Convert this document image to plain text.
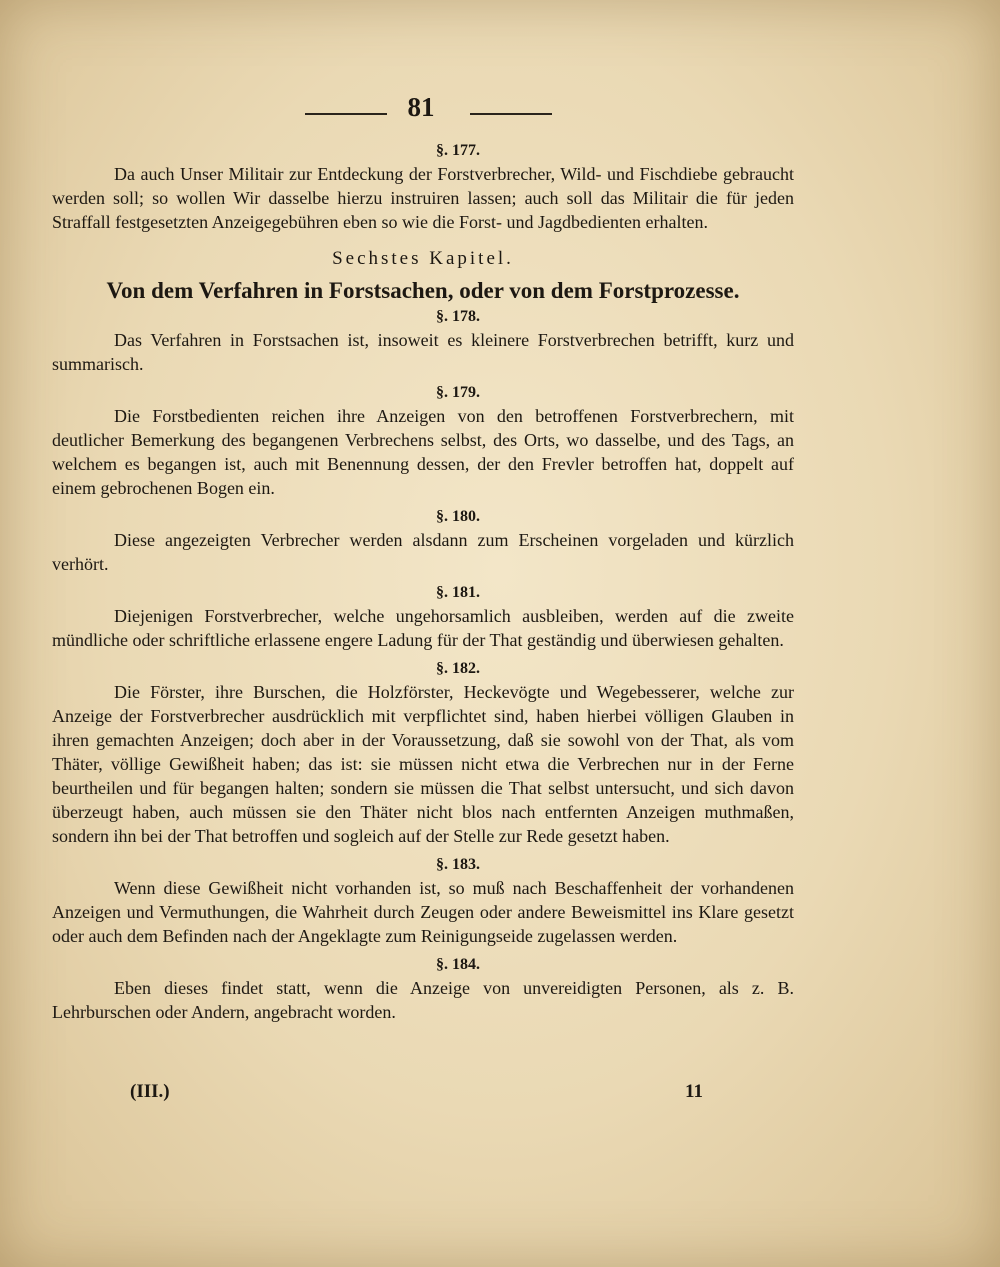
81
§. 177.

Da auch Unser Militair zur Entdeckung der Forstverbrecher, Wild- und Fischdiebe gebraucht werden soll; so wollen Wir dasselbe hierzu instruiren lassen; auch soll das Militair die für jeden Straffall festgesetzten Anzeigegebühren eben so wie die Forst- und Jagdbedienten erhalten.

Sechstes Kapitel.
Von dem Verfahren in Forstsachen, oder von dem Forstprozesse.
§. 178.

Das Verfahren in Forstsachen ist, insoweit es kleinere Forstverbrechen betrifft, kurz und summarisch.

§. 179.

Die Forstbedienten reichen ihre Anzeigen von den betroffenen Forstverbrechern, mit deutlicher Bemerkung des begangenen Verbrechens selbst, des Orts, wo dasselbe, und des Tags, an welchem es begangen ist, auch mit Benennung dessen, der den Frevler betroffen hat, doppelt auf einem gebrochenen Bogen ein.

§. 180.

Diese angezeigten Verbrecher werden alsdann zum Erscheinen vorgeladen und kürzlich verhört.

§. 181.

Diejenigen Forstverbrecher, welche ungehorsamlich ausbleiben, werden auf die zweite mündliche oder schriftliche erlassene engere Ladung für der That geständig und überwiesen gehalten.

§. 182.

Die Förster, ihre Burschen, die Holzförster, Heckevögte und Wegebesserer, welche zur Anzeige der Forstverbrecher ausdrücklich mit verpflichtet sind, haben hierbei völligen Glauben in ihren gemachten Anzeigen; doch aber in der Voraussetzung, daß sie sowohl von der That, als vom Thäter, völlige Gewißheit haben; das ist: sie müssen nicht etwa die Verbrechen nur in der Ferne beurtheilen und für begangen halten; sondern sie müssen die That selbst untersucht, und sich davon überzeugt haben, auch müssen sie den Thäter nicht blos nach entfernten Anzeigen muthmaßen, sondern ihn bei der That betroffen und sogleich auf der Stelle zur Rede gesetzt haben.

§. 183.

Wenn diese Gewißheit nicht vorhanden ist, so muß nach Beschaffenheit der vorhandenen Anzeigen und Vermuthungen, die Wahrheit durch Zeugen oder andere Beweismittel ins Klare gesetzt oder auch dem Befinden nach der Angeklagte zum Reinigungseide zugelassen werden.

§. 184.

Eben dieses findet statt, wenn die Anzeige von unvereidigten Personen, als z. B. Lehrburschen oder Andern, angebracht worden.

(III.)	11
